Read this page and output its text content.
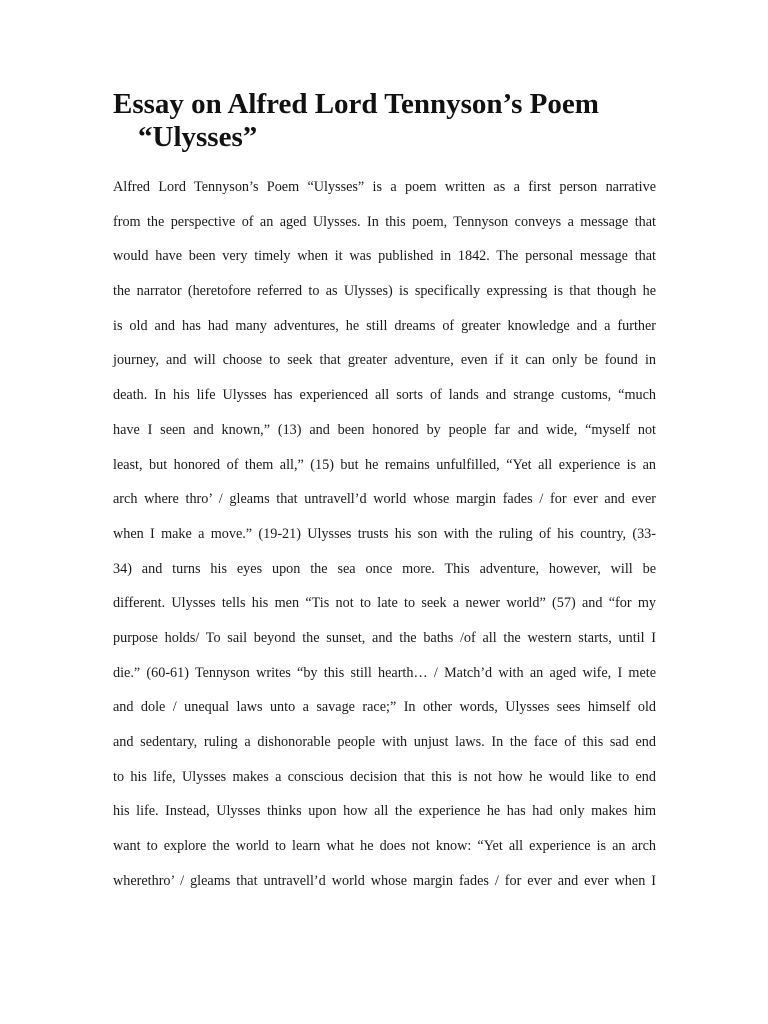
Essay on Alfred Lord Tennyson’s Poem
“Ulysses”
Alfred Lord Tennyson’s Poem “Ulysses” is a poem written as a first person narrative
from the perspective of an aged Ulysses. In this poem, Tennyson conveys a message that
would have been very timely when it was published in 1842. The personal message that
the narrator (heretofore referred to as Ulysses) is specifically expressing is that though he
is old and has had many adventures, he still dreams of greater knowledge and a further
journey, and will choose to seek that greater adventure, even if it can only be found in
death. In his life Ulysses has experienced all sorts of lands and strange customs, “much
have I seen and known,” (13) and been honored by people far and wide, “myself not
least, but honored of them all,” (15) but he remains unfulfilled, “Yet all experience is an
arch where thro’ / gleams that untravell’d world whose margin fades / for ever and ever
when I make a move.” (19-21) Ulysses trusts his son with the ruling of his country, (33-
34) and turns his eyes upon the sea once more. This adventure, however, will be
different. Ulysses tells his men “Tis not to late to seek a newer world” (57) and “for my
purpose holds/ To sail beyond the sunset, and the baths /of all the western starts, until I
die.” (60-61) Tennyson writes “by this still hearth… / Match’d with an aged wife, I mete
and dole / unequal laws unto a savage race;” In other words, Ulysses sees himself old
and sedentary, ruling a dishonorable people with unjust laws. In the face of this sad end
to his life, Ulysses makes a conscious decision that this is not how he would like to end
his life. Instead, Ulysses thinks upon how all the experience he has had only makes him
want to explore the world to learn what he does not know: “Yet all experience is an arch
wherethro’ / gleams that untravell’d world whose margin fades / for ever and ever when I
